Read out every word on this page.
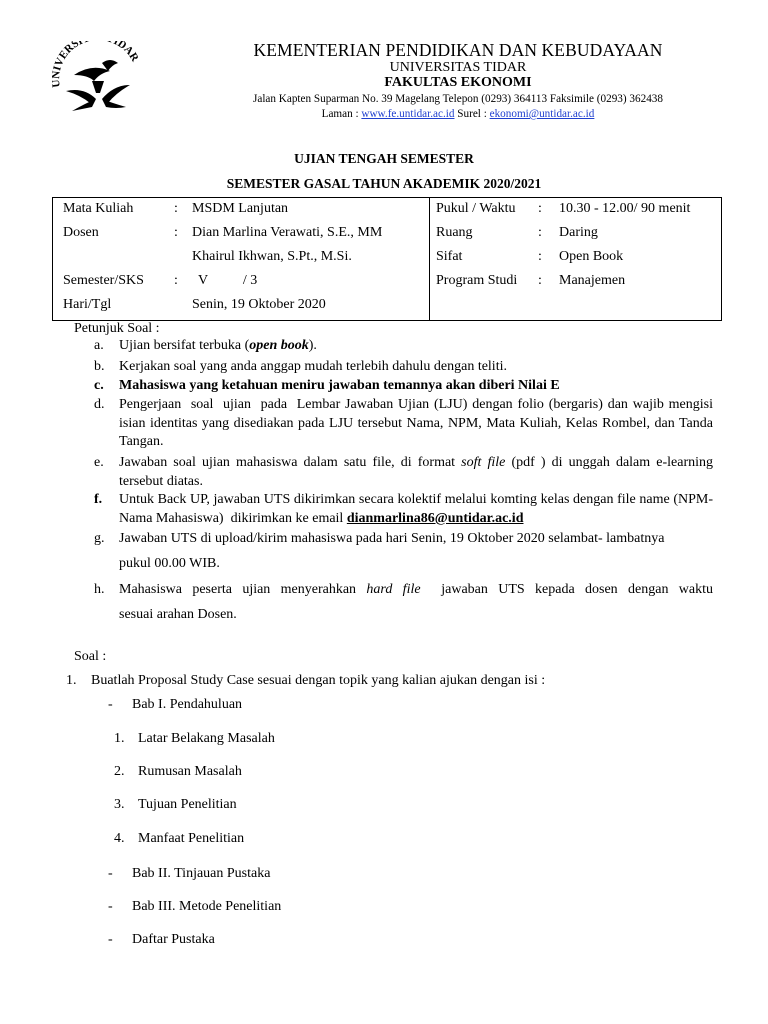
IVERSI IDAR	KEMENTERIAN PENDIDIKAN DAN KEBUDAYAAN
UNIVERSITAS TIDAR
FAKULTAS EKONOMI
Jalan Kapten Suparman No. 39 Magelang Telepon (0293) 364113 Faksimile (0293) 362438
Laman : www.fe.untidar.ac.id Surel : ekonomi@untidar.ac.id
UJIAN TENGAH SEMESTER
SEMESTER GASAL TAHUN AKADEMIK 2020/2021
Mata Kuliah	: MSDM Lanjutan
Dosen	: Dian Marlina Verawati, S.E., MM
Khairul Ikhwan, S.Pt., M.Si.
Semester/SKS : V          / 3
Hari/Tgl	Senin, 19 Oktober 2020

Pukul / Waktu : 10.30 - 12.00/ 90 menit
Ruang	: Daring
Sifat	: Open Book
Program Studi : Manajemen
Petunjuk Soal :
a.	Ujian bersifat terbuka (open book).
b.	Kerjakan soal yang anda anggap mudah terlebih dahulu dengan teliti.
c.	Mahasiswa yang ketahuan meniru jawaban temannya akan diberi Nilai E
d.	Pengerjaan  soal  ujian  pada  Lembar Jawaban Ujian (LJU) dengan folio (bergaris) dan wajib mengisi isian identitas yang disediakan pada LJU tersebut Nama, NPM, Mata Kuliah, Kelas Rombel, dan Tanda Tangan.
e.	Jawaban soal ujian mahasiswa dalam satu file, di format soft file (pdf ) di unggah dalam e-learning tersebut diatas.
f.	Untuk Back UP, jawaban UTS dikirimkan secara kolektif melalui komting kelas dengan file name (NPM-Nama Mahasiswa)  dikirimkan ke email dianmarlina86@untidar.ac.id
g.	Jawaban UTS di upload/kirim mahasiswa pada hari Senin, 19 Oktober 2020 selambat- lambatnya
pukul 00.00 WIB.
h.	Mahasiswa peserta ujian menyerahkan hard file  jawaban UTS kepada dosen dengan waktu
sesuai arahan Dosen.
Soal :
1. Buatlah Proposal Study Case sesuai dengan topik yang kalian ajukan dengan isi :
- Bab I. Pendahuluan
1. Latar Belakang Masalah
2. Rumusan Masalah
3. Tujuan Penelitian
4. Manfaat Penelitian
- Bab II. Tinjauan Pustaka
- Bab III. Metode Penelitian
- Daftar Pustaka
